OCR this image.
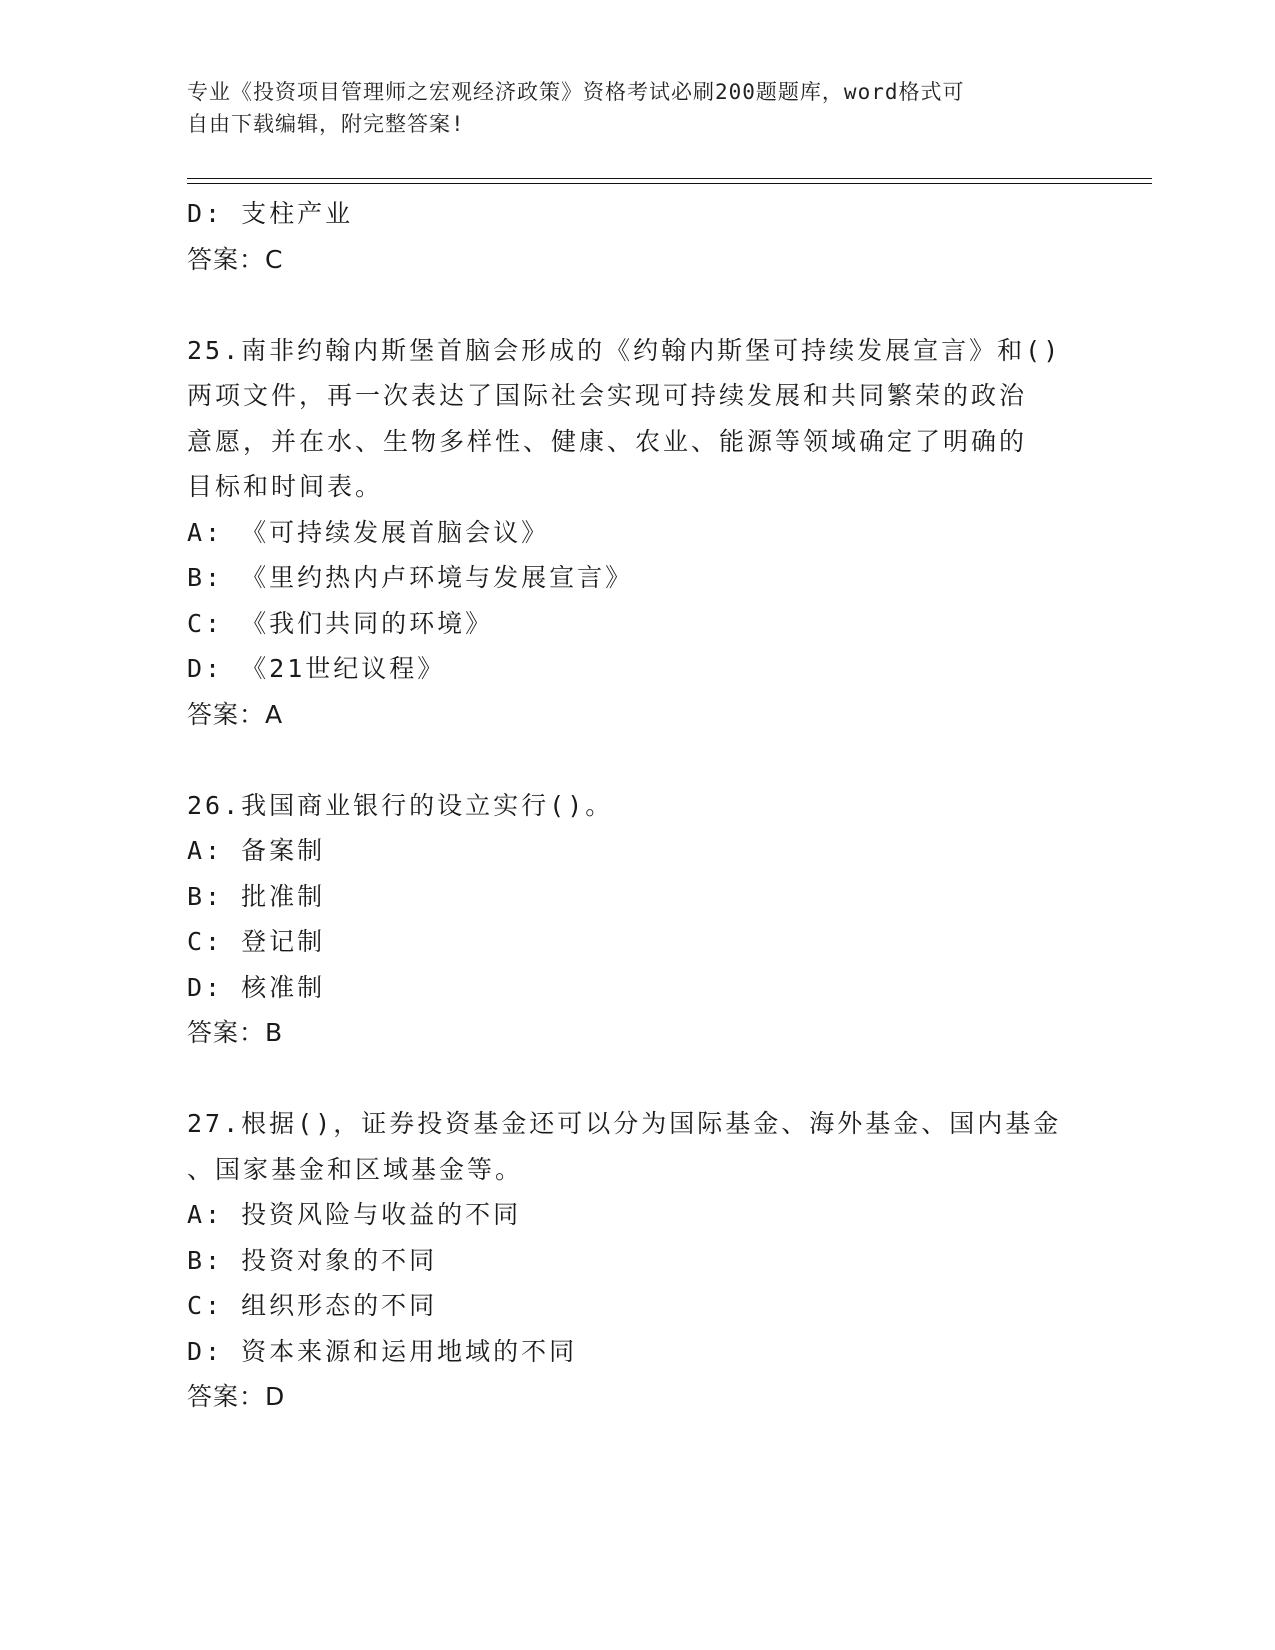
专业《投资项目管理师之宏观经济政策》资格考试必刷200题题库，word格式可
自由下载编辑，附完整答案!
D: 支柱产业
答案：C
25.南非约翰内斯堡首脑会形成的《约翰内斯堡可持续发展宣言》和()
两项文件，再一次表达了国际社会实现可持续发展和共同繁荣的政治
意愿，并在水、生物多样性、健康、农业、能源等领域确定了明确的
目标和时间表。
A: 《可持续发展首脑会议》
B: 《里约热内卢环境与发展宣言》
C: 《我们共同的环境》
D: 《21世纪议程》
答案：A
26.我国商业银行的设立实行()。
A: 备案制
B: 批准制
C: 登记制
D: 核准制
答案：B
27.根据()，证券投资基金还可以分为国际基金、海外基金、国内基金
、国家基金和区域基金等。
A: 投资风险与收益的不同
B: 投资对象的不同
C: 组织形态的不同
D: 资本来源和运用地域的不同
答案：D
